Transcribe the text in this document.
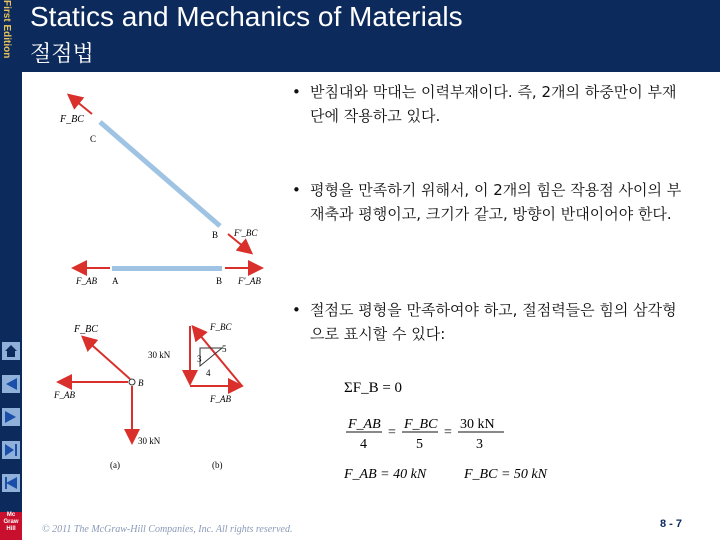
First Edition Statics and Mechanics of Materials
절점법
Mc Graw Hill
F_BC
C
B F'_BC
F_AB A	B F'_AB
F_BC
B
F_AB
30 kN
(a)
F_BC
30 kN
F_AB
3
5
4
(b)
• 받침대와 막대는 이력부재이다. 즉, 2개의 하중만이 부재단에 작용하고 있다.
• 평형을 만족하기 위해서, 이 2개의 힘은 작용점 사이의 부재축과 평행이고, 크기가 같고, 방향이 반대이어야 한다.
• 절점도 평형을 만족하여야 하고, 절점력들은 힘의 삼각형으로 표시할 수 있다:
ΣF_B = 0
F_AB
4
=
F_BC
5
=
30 kN
3
F_AB = 40 kN	F_BC = 50 kN
© 2011 The McGraw-Hill Companies, Inc. All rights reserved.	8 - 7
